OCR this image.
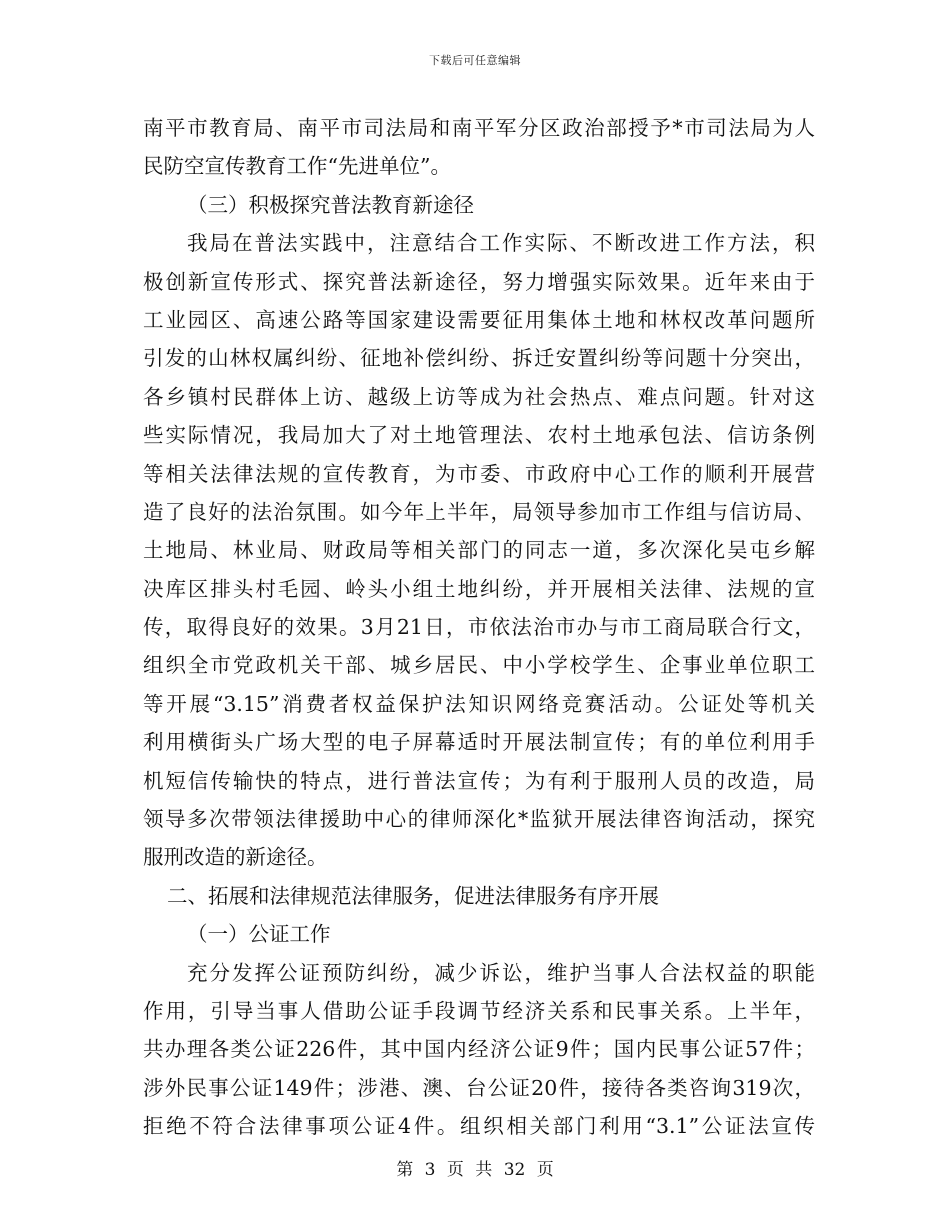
下载后可任意编辑
南平市教育局、南平市司法局和南平军分区政治部授予*市司法局为人
民防空宣传教育工作“先进单位”。
（三）积极探究普法教育新途径
我局在普法实践中，注意结合工作实际、不断改进工作方法，积
极创新宣传形式、探究普法新途径，努力增强实际效果。近年来由于
工业园区、高速公路等国家建设需要征用集体土地和林权改革问题所
引发的山林权属纠纷、征地补偿纠纷、拆迁安置纠纷等问题十分突出，
各乡镇村民群体上访、越级上访等成为社会热点、难点问题。针对这
些实际情况，我局加大了对土地管理法、农村土地承包法、信访条例
等相关法律法规的宣传教育，为市委、市政府中心工作的顺利开展营
造了良好的法治氛围。如今年上半年，局领导参加市工作组与信访局、
土地局、林业局、财政局等相关部门的同志一道，多次深化吴屯乡解
决库区排头村毛园、岭头小组土地纠纷，并开展相关法律、法规的宣
传，取得良好的效果。3月21日，市依法治市办与市工商局联合行文，
组织全市党政机关干部、城乡居民、中小学校学生、企事业单位职工
等开展“3.15”消费者权益保护法知识网络竞赛活动。公证处等机关
利用横街头广场大型的电子屏幕适时开展法制宣传；有的单位利用手
机短信传输快的特点，进行普法宣传；为有利于服刑人员的改造，局
领导多次带领法律援助中心的律师深化*监狱开展法律咨询活动，探究
服刑改造的新途径。
二、拓展和法律规范法律服务，促进法律服务有序开展
（一）公证工作
充分发挥公证预防纠纷，减少诉讼，维护当事人合法权益的职能
作用，引导当事人借助公证手段调节经济关系和民事关系。上半年，
共办理各类公证226件，其中国内经济公证9件；国内民事公证57件；
涉外民事公证149件；涉港、澳、台公证20件，接待各类咨询319次，
拒绝不符合法律事项公证4件。组织相关部门利用“3.1”公证法宣传
第 3 页 共 32 页
